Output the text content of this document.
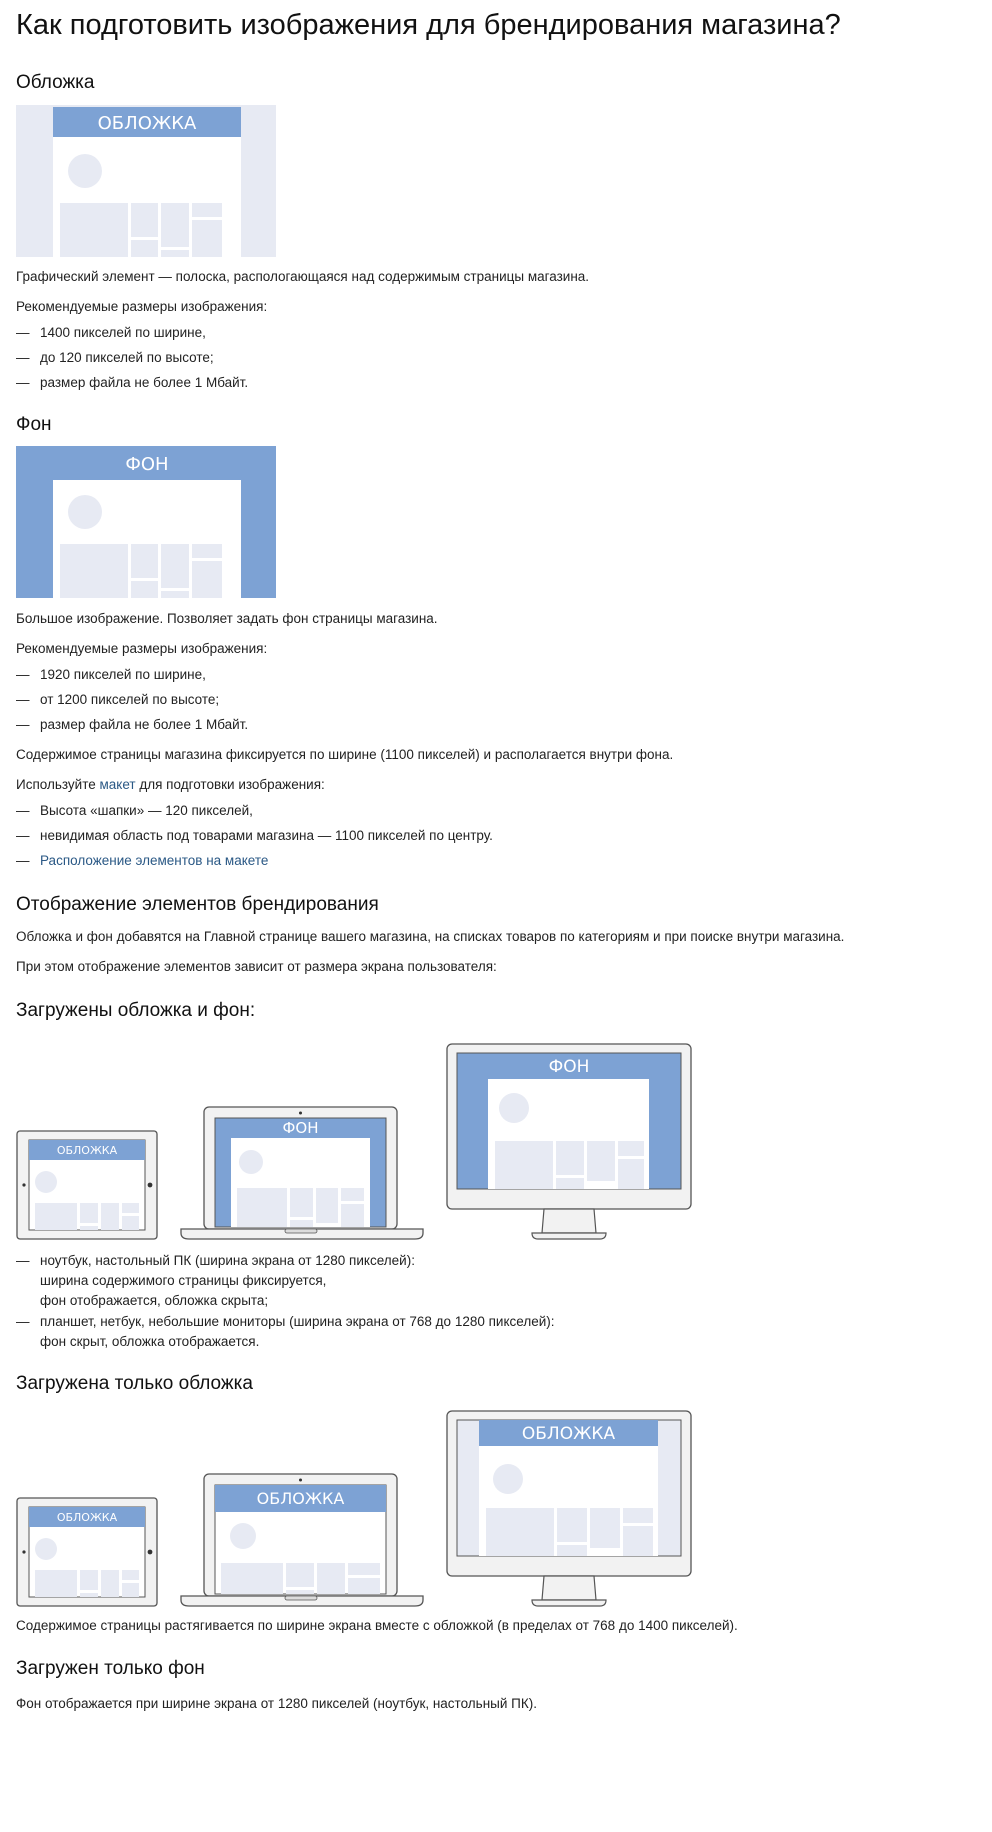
Как подготовить изображения для брендирования магазина?
Обложка
ОБЛОЖКА

Графический элемент — полоска, распологающаяся над содержимым страницы магазина.

Рекомендуемые размеры изображения:

— 1400 пикселей по ширине,
— до 120 пикселей по высоте;
— размер файла не более 1 Мбайт.
Фон
ФОН

Большое изображение. Позволяет задать фон страницы магазина.

Рекомендуемые размеры изображения:

— 1920 пикселей по ширине,
— от 1200 пикселей по высоте;
— размер файла не более 1 Мбайт.

Содержимое страницы магазина фиксируется по ширине (1100 пикселей) и располагается внутри фона.

Используйте макет для подготовки изображения:

— Высота «шапки» — 120 пикселей,
— невидимая область под товарами магазина — 1100 пикселей по центру.
— Расположение элементов на макете
Отображение элементов брендирования

Обложка и фон добавятся на Главной странице вашего магазина, на списках товаров по категориям и при поиске внутри магазина.

При этом отображение элементов зависит от размера экрана пользователя:

Загружены обложка и фон:
ОБЛОЖКА
ФОН
ФОН
— ноутбук, настольный ПК (ширина экрана от 1280 пикселей):
ширина содержимого страницы фиксируется,
фон отображается, обложка скрыта;
— планшет, нетбук, небольшие мониторы (ширина экрана от 768 до 1280 пикселей):
фон скрыт, обложка отображается.
Загружена только обложка
ОБЛОЖКА
ОБЛОЖКА
ОБЛОЖКА

Содержимое страницы растягивается по ширине экрана вместе с обложкой (в пределах от 768 до 1400 пикселей).

Загружен только фон

Фон отображается при ширине экрана от 1280 пикселей (ноутбук, настольный ПК).
